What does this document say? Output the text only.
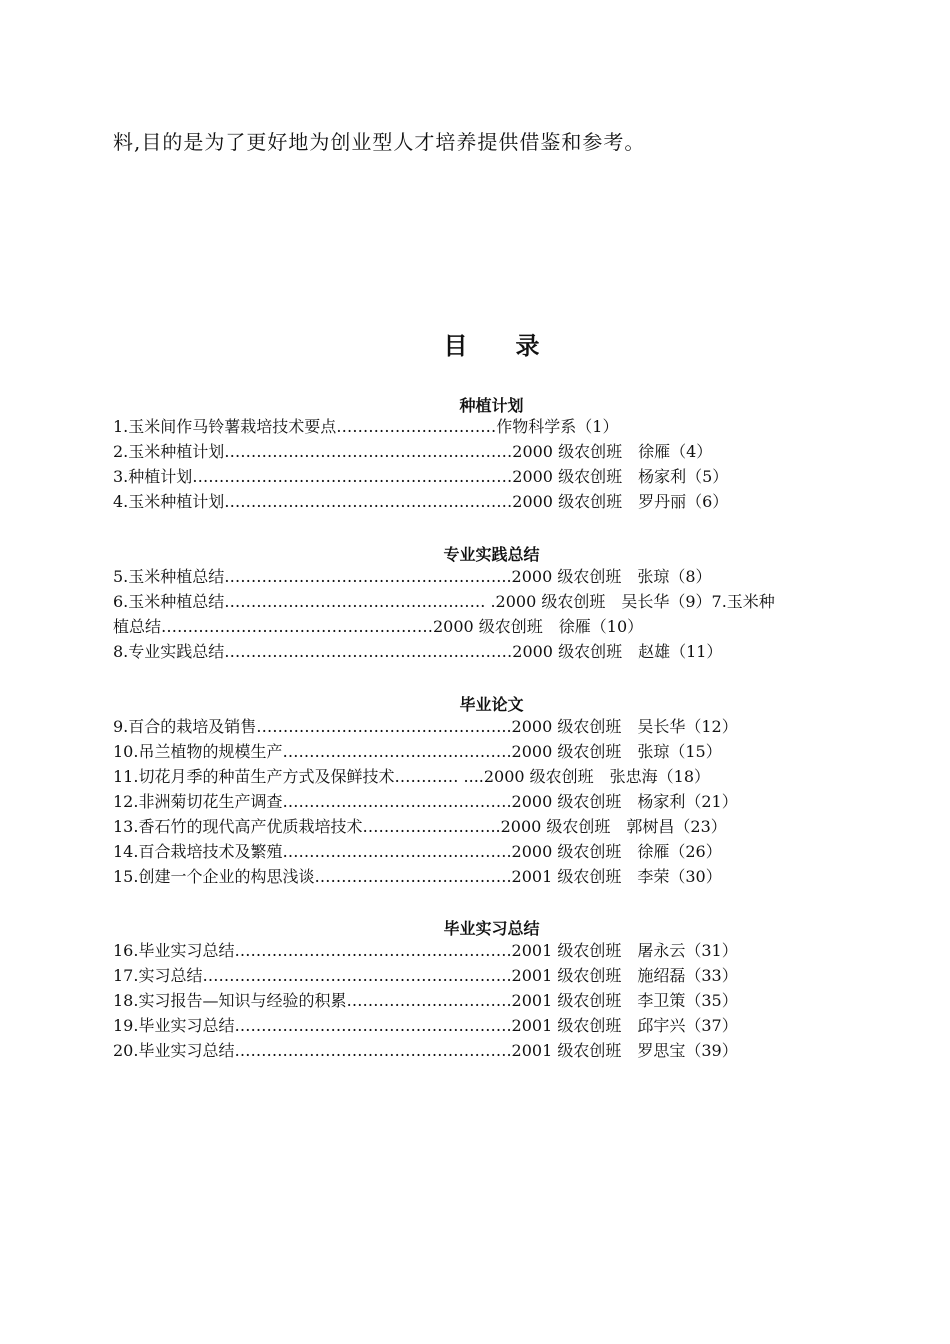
料,目的是为了更好地为创业型人才培养提供借鉴和参考。
目 录
种植计划
1.玉米间作马铃薯栽培技术要点…………………………作物科学系（1）
2.玉米种植计划………………………………………………2000 级农创班　徐雁（4）
3.种植计划……………………………………………………2000 级农创班　杨家利（5）
4.玉米种植计划………………………………………………2000 级农创班　罗丹丽（6）
专业实践总结
5.玉米种植总结……………………………………………...2000 级农创班　张琼（8）
6.玉米种植总结…………………………………………. .2000 级农创班　吴长华（9）7.玉米种
植总结……………………………………………2000 级农创班　徐雁（10）
8.专业实践总结………………………………………………2000 级农创班　赵雄（11）
毕业论文
9.百合的栽培及销售………………………………………...2000 级农创班　吴长华（12）
10.吊兰植物的规模生产…………………………………….2000 级农创班　张琼（15）
11.切花月季的种苗生产方式及保鲜技术………… ....2000 级农创班　张忠海（18）
12.非洲菊切花生产调查…………………………………….2000 级农创班　杨家利（21）
13.香石竹的现代高产优质栽培技术……………………..2000 级农创班　郭树昌（23）
14.百合栽培技术及繁殖…………………………………….2000 级农创班　徐雁（26）
15.创建一个企业的构思浅谈……………………………….2001 级农创班　李荣（30）
毕业实习总结
16.毕业实习总结…………………………………………….2001 级农创班　屠永云（31）
17.实习总结………………………………………………….2001 级农创班　施绍磊（33）
18.实习报告—知识与经验的积累………………………….2001 级农创班　李卫策（35）
19.毕业实习总结…………………………………………….2001 级农创班　邱宇兴（37）
20.毕业实习总结…………………………………………….2001 级农创班　罗思宝（39）
